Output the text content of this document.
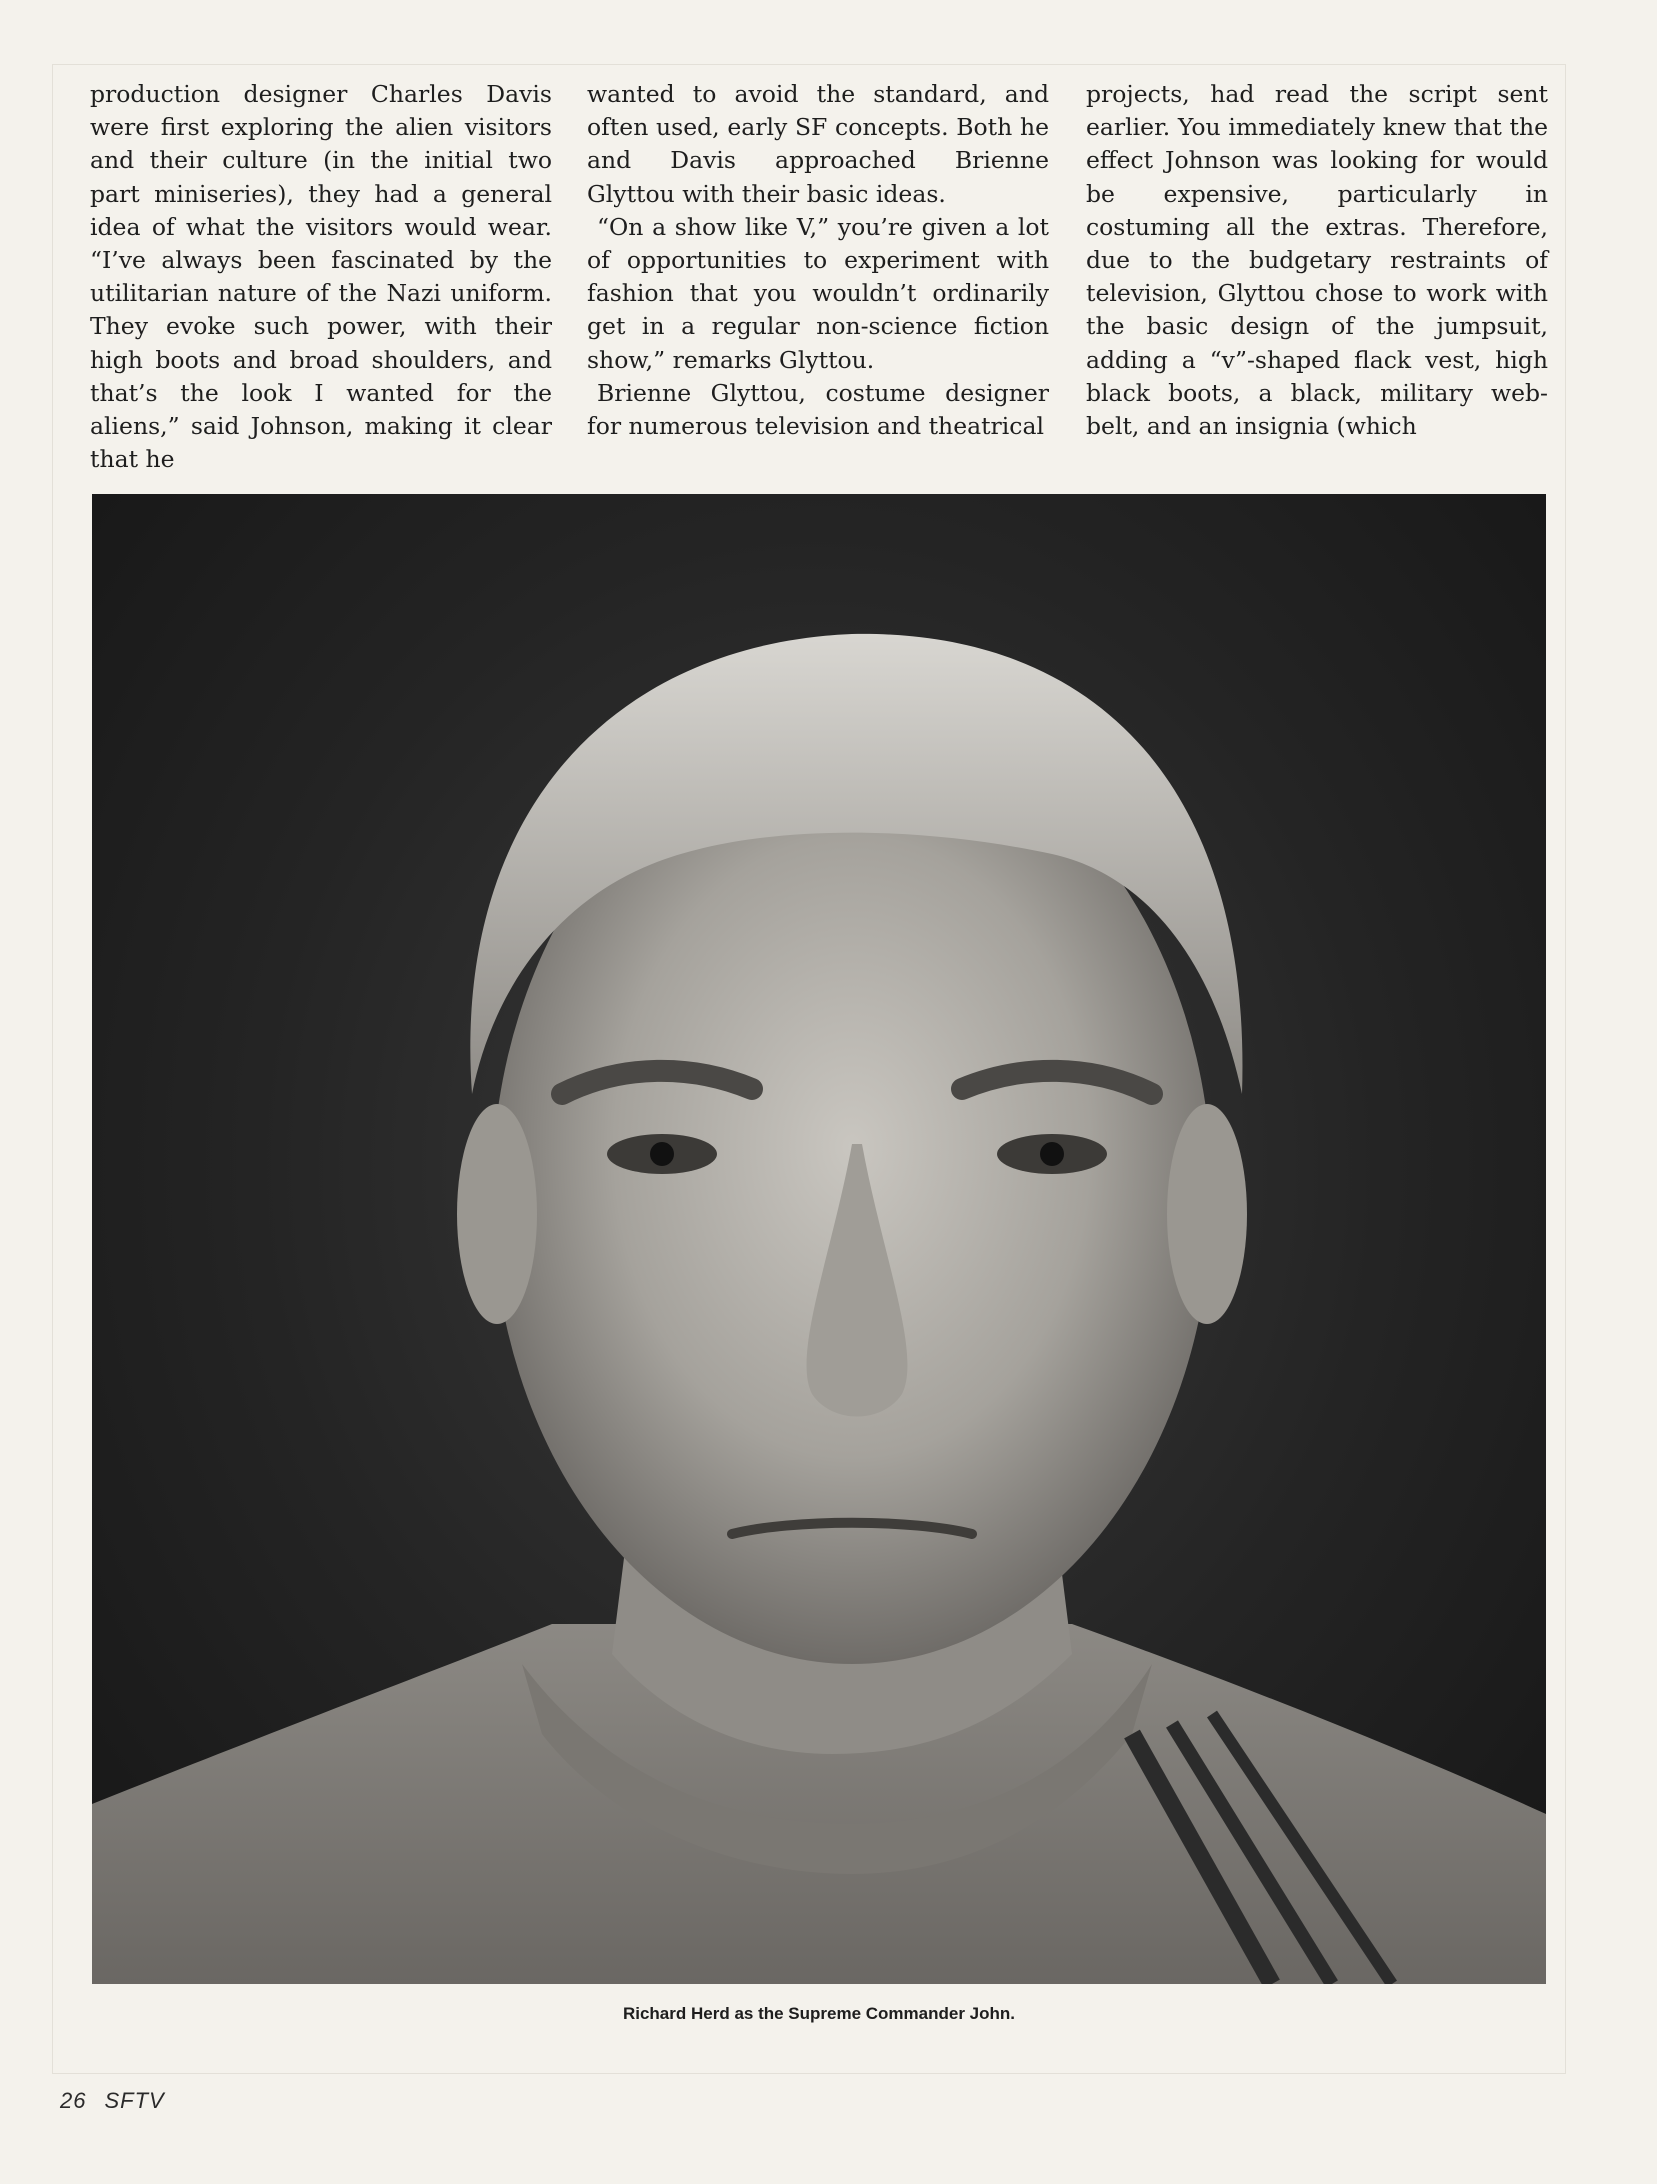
production designer Charles Davis were first exploring the alien visitors and their culture (in the initial two part miniseries), they had a general idea of what the visitors would wear. “I’ve always been fascinated by the utilitarian nature of the Nazi uniform. They evoke such power, with their high boots and broad shoulders, and that’s the look I wanted for the aliens,” said Johnson, making it clear that he

wanted to avoid the standard, and often used, early SF concepts. Both he and Davis approached Brienne Glyttou with their basic ideas.

“On a show like V,” you’re given a lot of opportunities to experiment with fashion that you wouldn’t ordinarily get in a regular non-science fiction show,” remarks Glyttou.

Brienne Glyttou, costume designer for numerous television and theatrical

projects, had read the script sent earlier. You immediately knew that the effect Johnson was looking for would be expensive, particularly in costuming all the extras. Therefore, due to the budgetary restraints of television, Glyttou chose to work with the basic design of the jumpsuit, adding a “v”-shaped flack vest, high black boots, a black, military web-belt, and an insignia (which

Richard Herd as the Supreme Commander John.
26 SFTV
